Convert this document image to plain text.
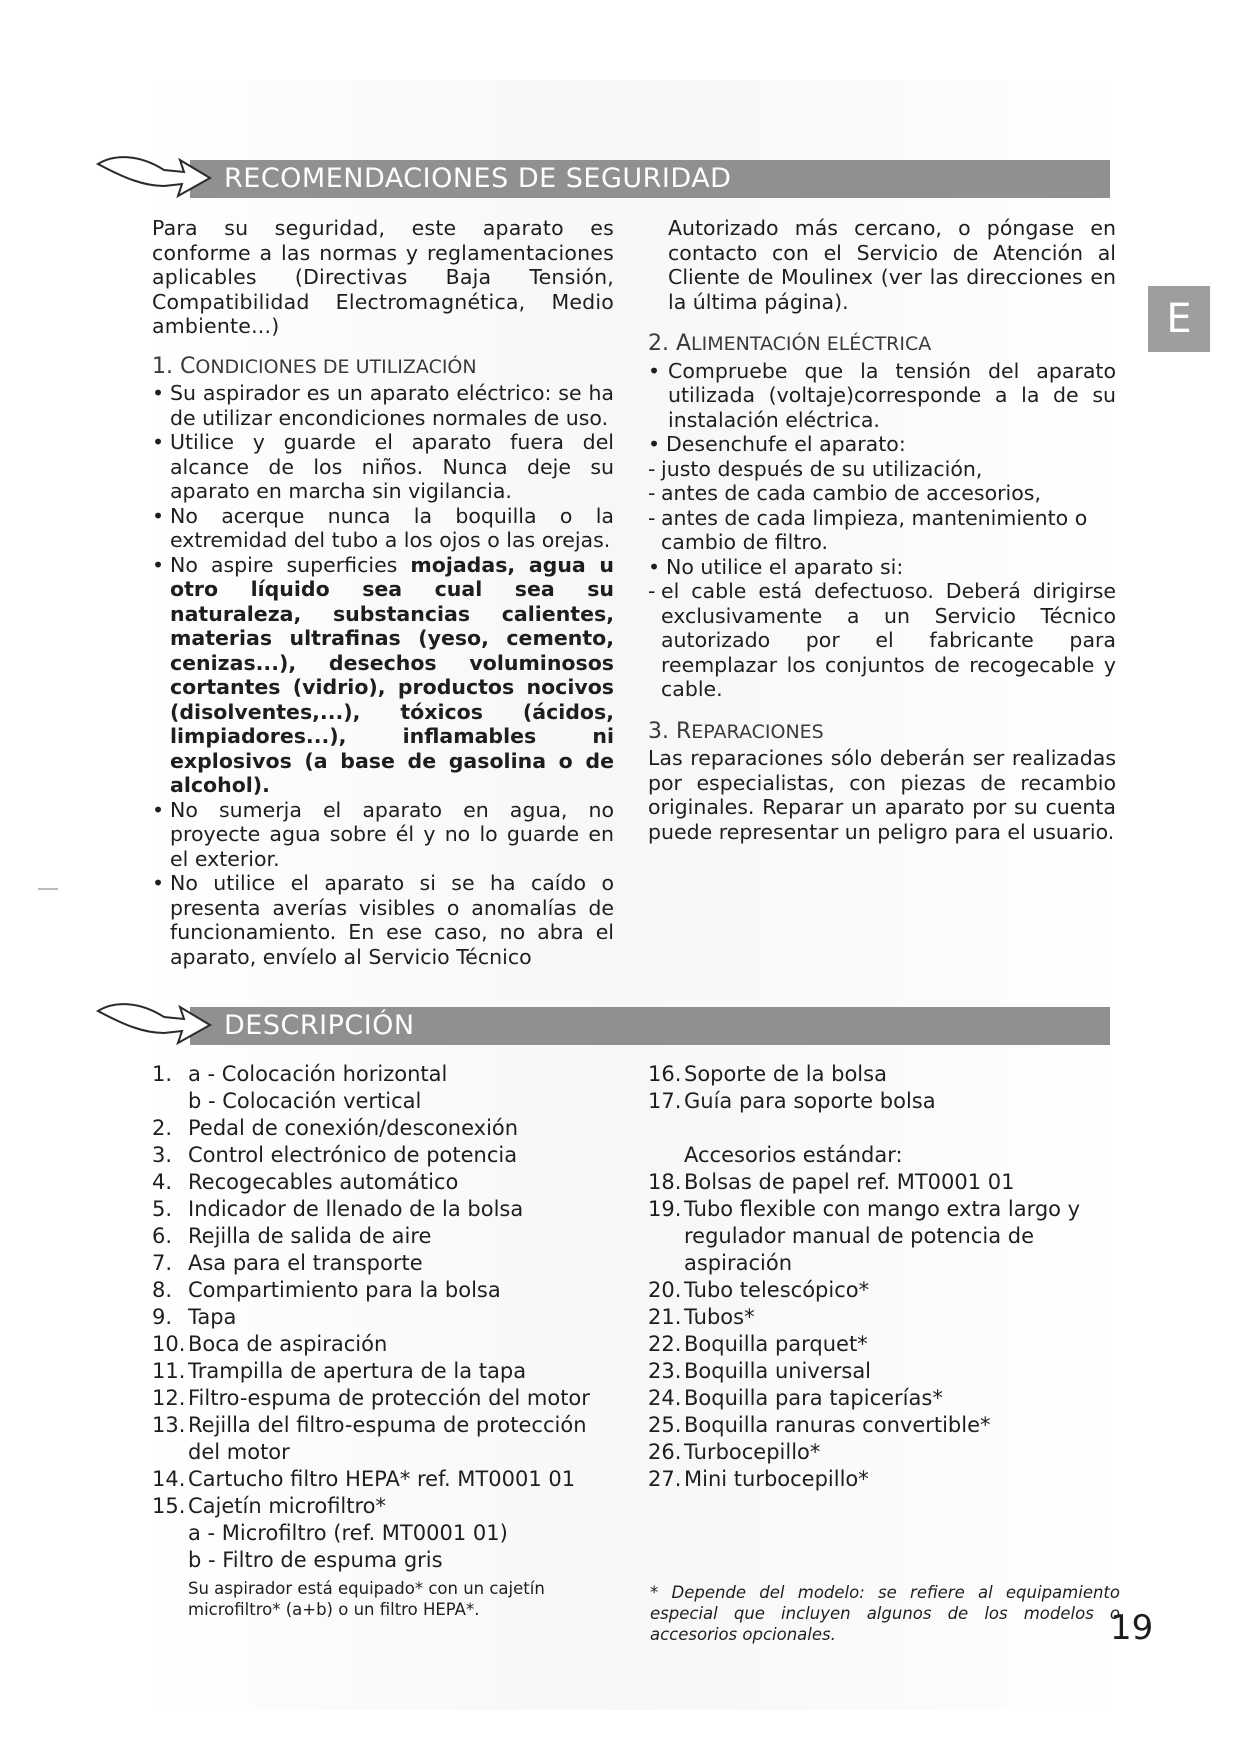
E
RECOMENDACIONES DE SEGURIDAD

Para su seguridad, este aparato es conforme a las normas y reglamentaciones aplicables (Directivas Baja Tensión, Compatibilidad Electromagnética, Medio ambiente...)

1. CONDICIONES DE UTILIZACIÓN

• Su aspirador es un aparato eléctrico: se ha de utilizar encondiciones normales de uso.

• Utilice y guarde el aparato fuera del alcance de los niños. Nunca deje su aparato en marcha sin vigilancia.

• No acerque nunca la boquilla o la extremidad del tubo a los ojos o las orejas.

• No aspire superficies mojadas, agua u otro líquido sea cual sea su naturaleza, substancias calientes, materias ultrafinas (yeso, cemento, cenizas...), desechos voluminosos cortantes (vidrio), productos nocivos (disolventes,...), tóxicos (ácidos, limpiadores...), inflamables ni explosivos (a base de gasolina o de alcohol).

• No sumerja el aparato en agua, no proyecte agua sobre él y no lo guarde en el exterior.

• No utilice el aparato si se ha caído o presenta averías visibles o anomalías de funcionamiento. En ese caso, no abra el aparato, envíelo al Servicio Técnico

Autorizado más cercano, o póngase en contacto con el Servicio de Atención al Cliente de Moulinex (ver las direcciones en la última página).

2. ALIMENTACIÓN ELÉCTRICA

• Compruebe que la tensión del aparato utilizada (voltaje)corresponde a la de su instalación eléctrica.

• Desenchufe el aparato:

- justo después de su utilización,

- antes de cada cambio de accesorios,

- antes de cada limpieza, mantenimiento o cambio de filtro.

• No utilice el aparato si:

- el cable está defectuoso. Deberá dirigirse exclusivamente a un Servicio Técnico autorizado por el fabricante para reemplazar los conjuntos de recogecable y cable.

3. REPARACIONES

Las reparaciones sólo deberán ser realizadas por especialistas, con piezas de recambio originales. Reparar un aparato por su cuenta puede representar un peligro para el usuario.

DESCRIPCIÓN
1. a - Colocación horizontal
b - Colocación vertical
2. Pedal de conexión/desconexión
3. Control electrónico de potencia
4. Recogecables automático
5. Indicador de llenado de la bolsa
6. Rejilla de salida de aire
7. Asa para el transporte
8. Compartimiento para la bolsa
9. Tapa
10. Boca de aspiración
11. Trampilla de apertura de la tapa
12. Filtro-espuma de protección del motor
13. Rejilla del filtro-espuma de protección del motor
14. Cartucho filtro HEPA* ref. MT0001 01
15. Cajetín microfiltro*
a - Microfiltro (ref. MT0001 01)
b - Filtro de espuma gris

Su aspirador está equipado* con un cajetín microfiltro* (a+b) o un filtro HEPA*.

16. Soporte de la bolsa
17. Guía para soporte bolsa
Accesorios estándar:
18. Bolsas de papel ref. MT0001 01
19. Tubo flexible con mango extra largo y regulador manual de potencia de aspiración
20. Tubo telescópico*
21. Tubos*
22. Boquilla parquet*
23. Boquilla universal
24. Boquilla para tapicerías*
25. Boquilla ranuras convertible*
26. Turbocepillo*
27. Mini turbocepillo*

* Depende del modelo: se refiere al equipamiento especial que incluyen algunos de los modelos o accesorios opcionales.	19
